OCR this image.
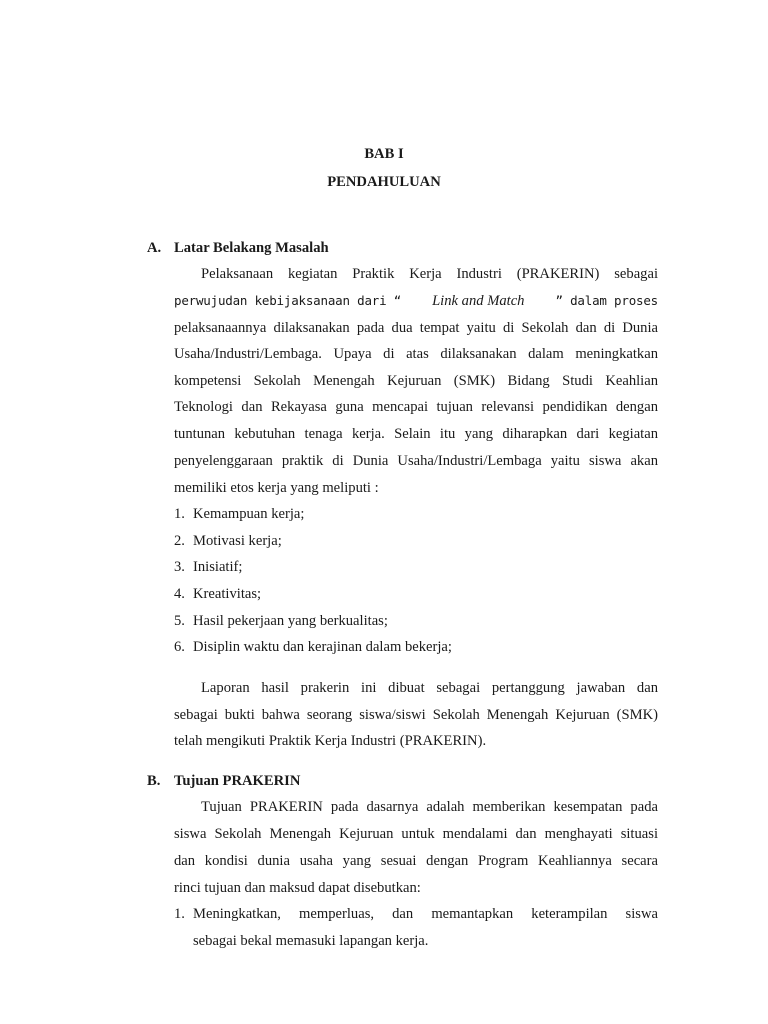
BAB I
PENDAHULUAN
A. Latar Belakang Masalah
Pelaksanaan kegiatan Praktik Kerja Industri (PRAKERIN) sebagai
perwujudan kebijaksanaan dari “ Link and Match ” dalam proses
pelaksanaannya dilaksanakan pada dua tempat yaitu di Sekolah dan di Dunia
Usaha/Industri/Lembaga. Upaya di atas dilaksanakan dalam meningkatkan
kompetensi Sekolah Menengah Kejuruan (SMK) Bidang Studi Keahlian
Teknologi dan Rekayasa guna mencapai tujuan relevansi pendidikan dengan
tuntunan kebutuhan tenaga kerja. Selain itu yang diharapkan dari kegiatan
penyelenggaraan praktik di Dunia Usaha/Industri/Lembaga yaitu siswa akan
memiliki etos kerja yang meliputi :
1. Kemampuan kerja;
2. Motivasi kerja;
3. Inisiatif;
4. Kreativitas;
5. Hasil pekerjaan yang berkualitas;
6. Disiplin waktu dan kerajinan dalam bekerja;
Laporan hasil prakerin ini dibuat sebagai pertanggung jawaban dan
sebagai bukti bahwa seorang siswa/siswi Sekolah Menengah Kejuruan (SMK)
telah mengikuti Praktik Kerja Industri (PRAKERIN).
B. Tujuan PRAKERIN
Tujuan PRAKERIN pada dasarnya adalah memberikan kesempatan pada
siswa Sekolah Menengah Kejuruan untuk mendalami dan menghayati situasi
dan kondisi dunia usaha yang sesuai dengan Program Keahliannya secara
rinci tujuan dan maksud dapat disebutkan:
1. Meningkatkan, memperluas, dan memantapkan keterampilan siswa
sebagai bekal memasuki lapangan kerja.
